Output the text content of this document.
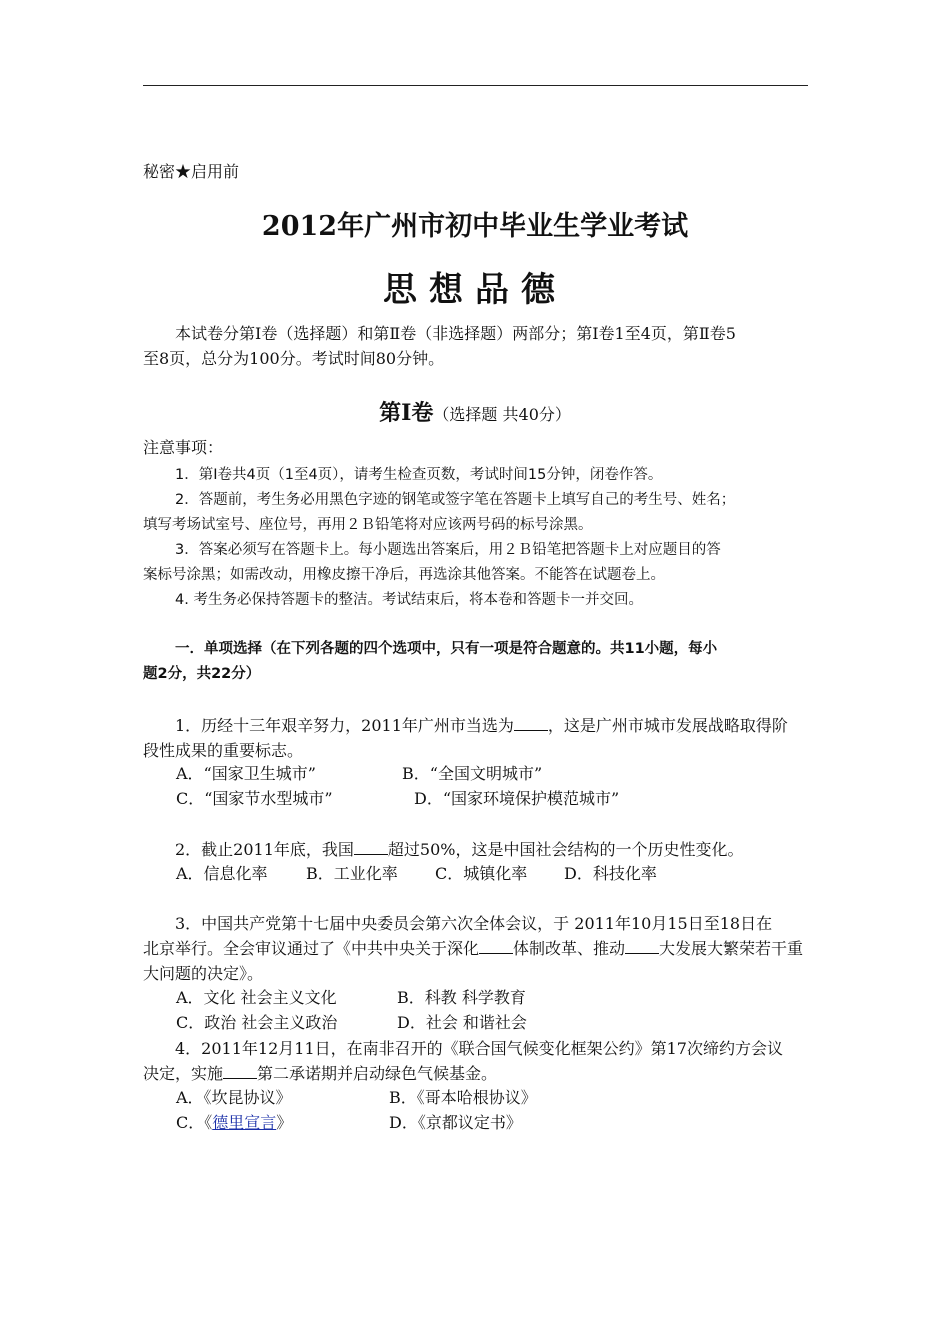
秘密★启用前
2012年广州市初中毕业生学业考试
思想品德
本试卷分第Ⅰ卷（选择题）和第Ⅱ卷（非选择题）两部分；第Ⅰ卷1至4页，第Ⅱ卷5
至8页，总分为100分。考试时间80分钟。
第Ⅰ卷（选择题 共40分）
注意事项：
1．第Ⅰ卷共4页（1至4页），请考生检查页数，考试时间15分钟，闭卷作答。
2．答题前，考生务必用黑色字迹的钢笔或签字笔在答题卡上填写自己的考生号、姓名；
填写考场试室号、座位号，再用２Ｂ铅笔将对应该两号码的标号涂黑。
3．答案必须写在答题卡上。每小题选出答案后，用２Ｂ铅笔把答题卡上对应题目的答
案标号涂黑；如需改动，用橡皮擦干净后，再选涂其他答案。不能答在试题卷上。
4. 考生务必保持答题卡的整洁。考试结束后，将本卷和答题卡一并交回。
一．单项选择（在下列各题的四个选项中，只有一项是符合题意的。共11小题，每小
题2分，共22分）
1．历经十三年艰辛努力，2011年广州市当选为 ，这是广州市城市发展战略取得阶
段性成果的重要标志。
A．“国家卫生城市”	B．“全国文明城市”
C．“国家节水型城市”	D．“国家环境保护模范城市”
2．截止2011年底，我国 超过50%，这是中国社会结构的一个历史性变化。
A．信息化率 B．工业化率 C．城镇化率 D．科技化率
3．中国共产党第十七届中央委员会第六次全体会议，于 2011年10月15日至18日在
北京举行。全会审议通过了《中共中央关于深化 体制改革、推动 大发展大繁荣若干重
大问题的决定》。
A．文化 社会主义文化	B．科教 科学教育
C．政治 社会主义政治	D．社会 和谐社会
4．2011年12月11日，在南非召开的《联合国气候变化框架公约》第17次缔约方会议
决定，实施 第二承诺期并启动绿色气候基金。
A．《坎昆协议》	B．《哥本哈根协议》
C．《德里宣言》	D．《京都议定书》
